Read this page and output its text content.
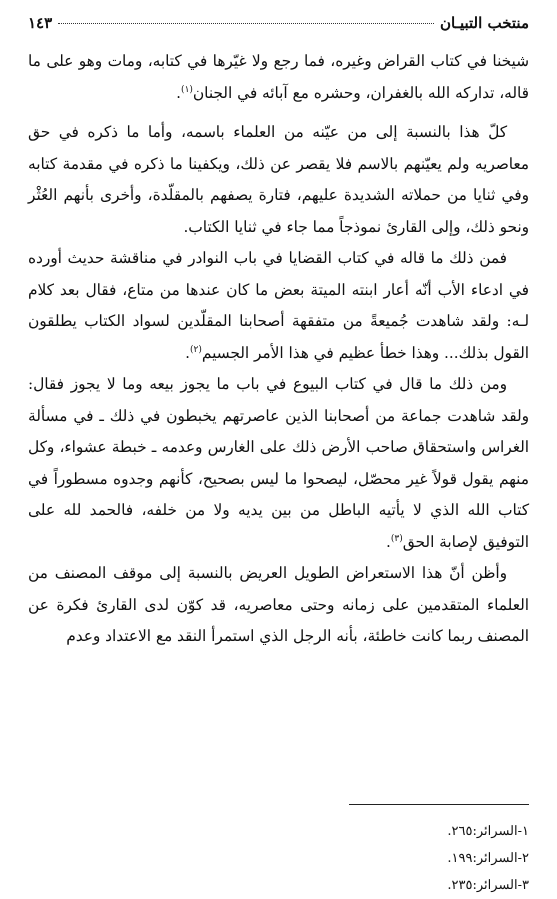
منتخب التبيـان
١٤٣

شيخنا في كتاب القراض وغيره، فما رجع ولا غيّرها في كتابه، ومات وهو على ما قاله، تداركه الله بالغفران، وحشره مع آبائه في الجنان$^{(١)}$.

كلّ هذا بالنسبة إلى من عيّنه من العلماء باسمه، وأما ما ذكره في حق معاصريه ولم يعيّنهم بالاسم فلا يقصر عن ذلك، ويكفينا ما ذكره في مقدمة كتابه وفي ثنايا من حملاته الشديدة عليهم، فتارة يصفهم بالمقلّدة، وأخرى بأنهم العُثْر ونحو ذلك، وإلى القارئ نموذجاً مما جاء في ثنايا الكتاب.

فمن ذلك ما قاله في كتاب القضايا في باب النوادر في مناقشة حديث أورده في ادعاء الأب أنّه أعار ابنته الميتة بعض ما كان عندها من متاع، فقال بعد كلام لـه: ولقد شاهدت جُميعةً من متفقهة أصحابنا المقلّدين لسواد الكتاب يطلقون القول بذلك... وهذا خطأ عظيم في هذا الأمر الجسيم$^{(٢)}$.

ومن ذلك ما قال في كتاب البيوع في باب ما يجوز بيعه وما لا يجوز فقال: ولقد شاهدت جماعة من أصحابنا الذين عاصرتهم يخبطون في ذلك ـ في مسألة الغراس واستحقاق صاحب الأرض ذلك على الغارس وعدمه ـ خبطة عشواء، وكل منهم يقول قولاً غير محصّل، ليصحوا ما ليس بصحيح، كأنهم وجدوه مسطوراً في كتاب الله الذي لا يأتيه الباطل من بين يديه ولا من خلفه، فالحمد لله على التوفيق لإصابة الحق$^{(٣)}$.

وأظن أنّ هذا الاستعراض الطويل العريض بالنسبة إلى موقف المصنف من العلماء المتقدمين على زمانه وحتى معاصريه، قد كوّن لدى القارئ فكرة عن المصنف ربما كانت خاطئة، بأنه الرجل الذي استمرأ النقد مع الاعتداد وعدم

١-السرائر:٢٦٥.
٢-السرائر:١٩٩.
٣-السرائر:٢٣٥.
